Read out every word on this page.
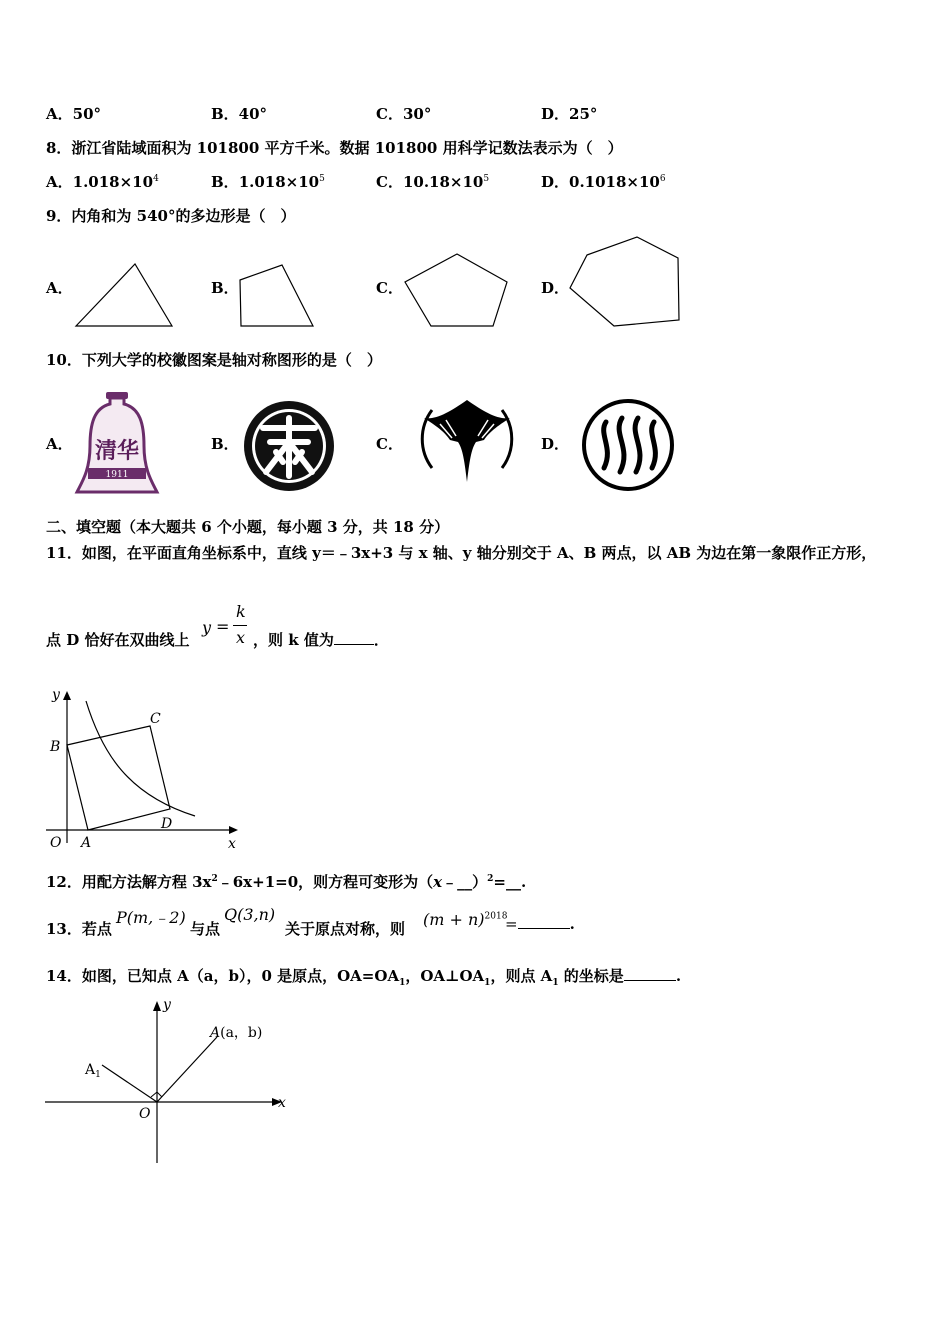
A．50°	B．40°	C．30°	D．25°
8．浙江省陆域面积为 101800 平方千米。数据 101800 用科学记数法表示为（　）
A．$1.018\times 10^4$	B．$1.018\times 10^5$	C．$10.18\times 10^5$	D．$0.1018\times 10^6$
9．内角和为 540°的多边形是（　）
A．	B．	C．	D．
10．下列大学的校徽图案是轴对称图形的是（　）
A．	B．	C．	D．
清华
1911
二、填空题（本大题共 6 个小题，每小题 3 分，共 18 分）
11．如图，在平面直角坐标系中，直线 y＝﹣3x+3 与 x 轴、y 轴分别交于 A、B 两点，以 AB 为边在第一象限作正方形，
点 D 恰好在双曲线上
y =
k
x ，则 k 值为	．
y
x
B
C
D
O A
12．用配方法解方程 $3x^2﹣6x+1=0$，则方程可变形为（x﹣__）$^2$=__.
13．若点
P(m,﹣2)
与点
Q(3,n)
关于原点对称，则 $(m + n)^{2018}$
=	.
14．如图，已知点 A（a，b），0 是原点，$OA=OA_1$，$OA\perp OA_1$，则点 $A_1$ 的坐标是	.
y
x
A(a，b)
$A_1$
O
